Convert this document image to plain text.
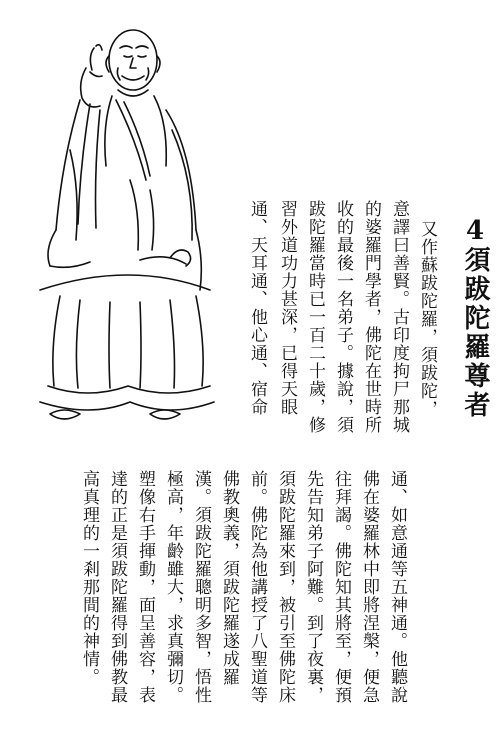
4
須跋陀羅尊者
又作蘇跋陀羅，須跋陀，
意譯曰善賢。古印度拘尸那城
的婆羅門學者，佛陀在世時所
收的最後一名弟子。據說，須
跋陀羅當時已一百二十歲，修
習外道功力甚深，已得天眼
通、天耳通、他心通、宿命
通、如意通等五神通。他聽說
佛在婆羅林中即將涅槃，便急
往拜謁。佛陀知其將至，便預
先告知弟子阿難。到了夜裏，
須跋陀羅來到，被引至佛陀床
前。佛陀為他講授了八聖道等
佛教奧義，須跋陀羅遂成羅
漢。須跋陀羅聰明多智，悟性
極高，年齡雖大，求真彌切。
塑像右手揮動，面呈善容，表
達的正是須跋陀羅得到佛教最
高真理的一剎那間的神情。
